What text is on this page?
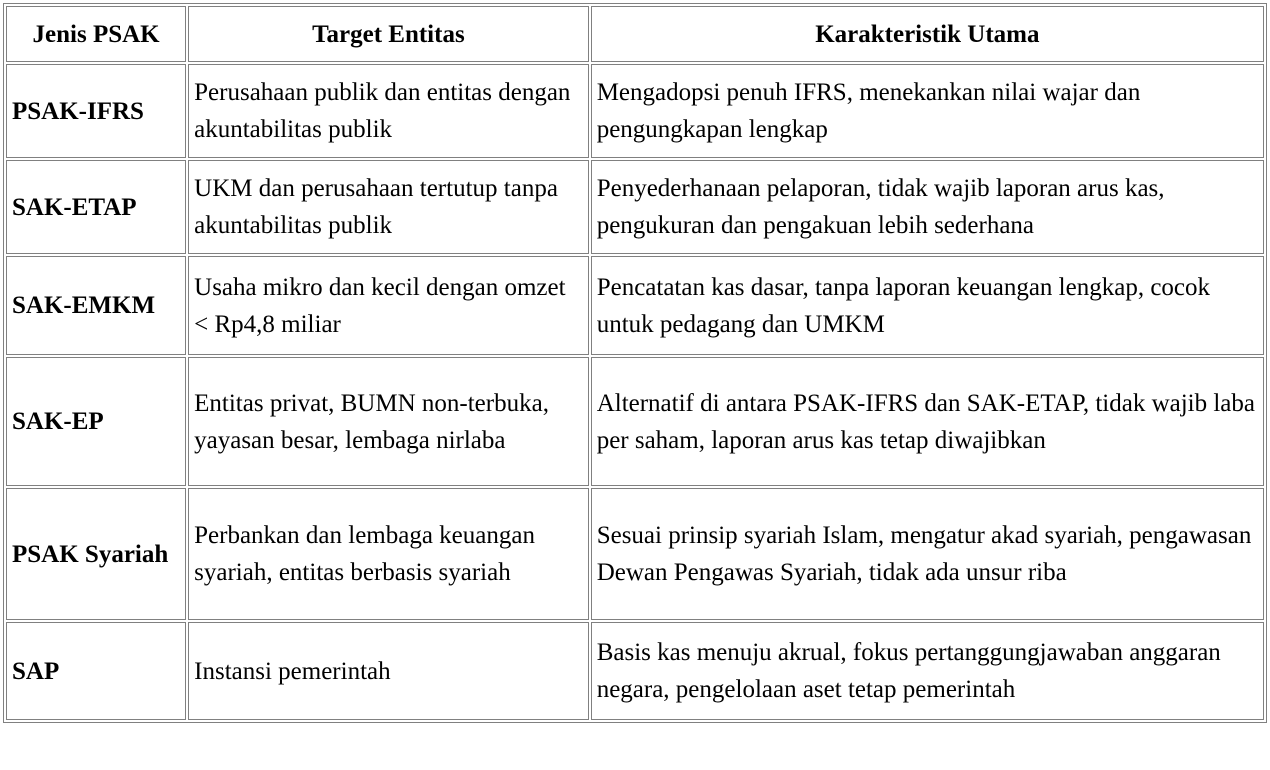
Jenis PSAK	Target Entitas	Karakteristik Utama
PSAK-IFRS	Perusahaan publik dan entitas dengan akuntabilitas publik	Mengadopsi penuh IFRS, menekankan nilai wajar dan pengungkapan lengkap
SAK-ETAP	UKM dan perusahaan tertutup tanpa akuntabilitas publik	Penyederhanaan pelaporan, tidak wajib laporan arus kas, pengukuran dan pengakuan lebih sederhana
SAK-EMKM	Usaha mikro dan kecil dengan omzet < Rp4,8 miliar	Pencatatan kas dasar, tanpa laporan keuangan lengkap, cocok untuk pedagang dan UMKM
SAK-EP	Entitas privat, BUMN non-terbuka, yayasan besar, lembaga nirlaba	Alternatif di antara PSAK-IFRS dan SAK-ETAP, tidak wajib laba per saham, laporan arus kas tetap diwajibkan
PSAK Syariah	Perbankan dan lembaga keuangan syariah, entitas berbasis syariah	Sesuai prinsip syariah Islam, mengatur akad syariah, pengawasan Dewan Pengawas Syariah, tidak ada unsur riba
SAP	Instansi pemerintah	Basis kas menuju akrual, fokus pertanggungjawaban anggaran negara, pengelolaan aset tetap pemerintah
